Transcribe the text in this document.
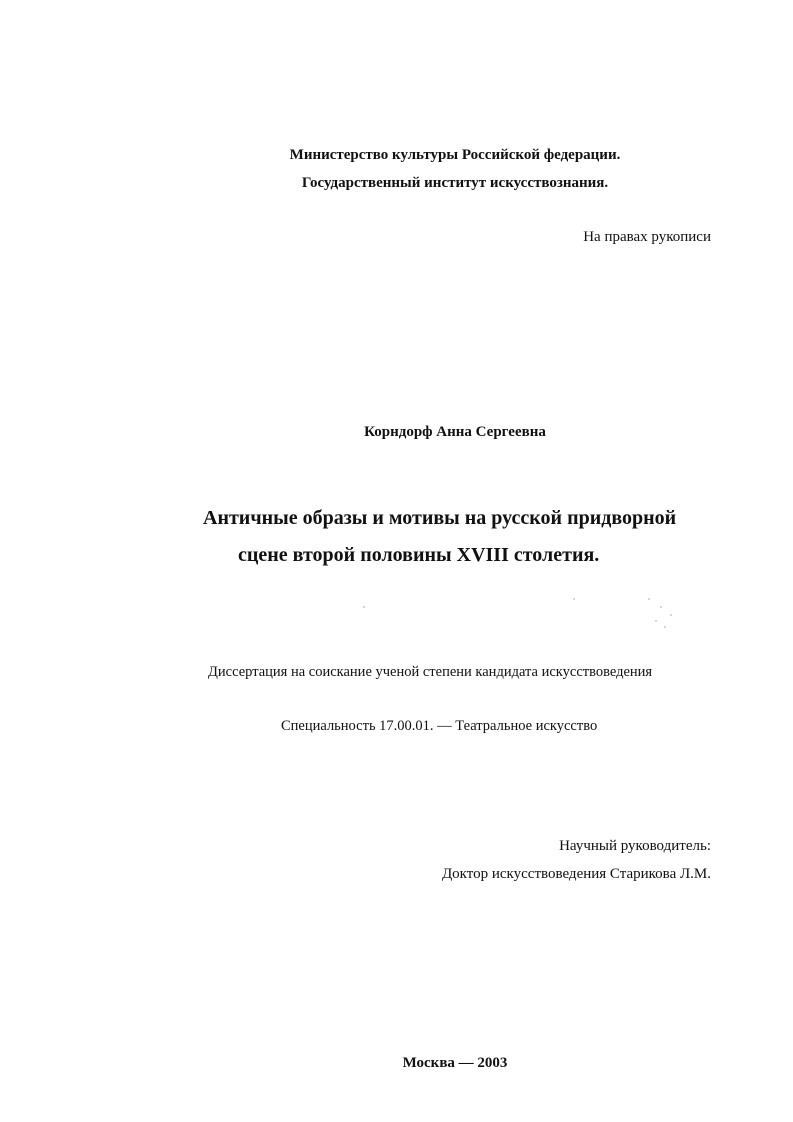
Министерство культуры Российской федерации.
Государственный институт искусствознания.
На правах рукописи
Корндорф Анна Сергеевна
Античные образы и мотивы на русской придворной
сцене второй половины XVIII столетия.
Диссертация на соискание ученой степени кандидата искусствоведения
Специальность 17.00.01. — Театральное искусство
Научный руководитель:
Доктор искусствоведения Старикова Л.М.
Москва — 2003
